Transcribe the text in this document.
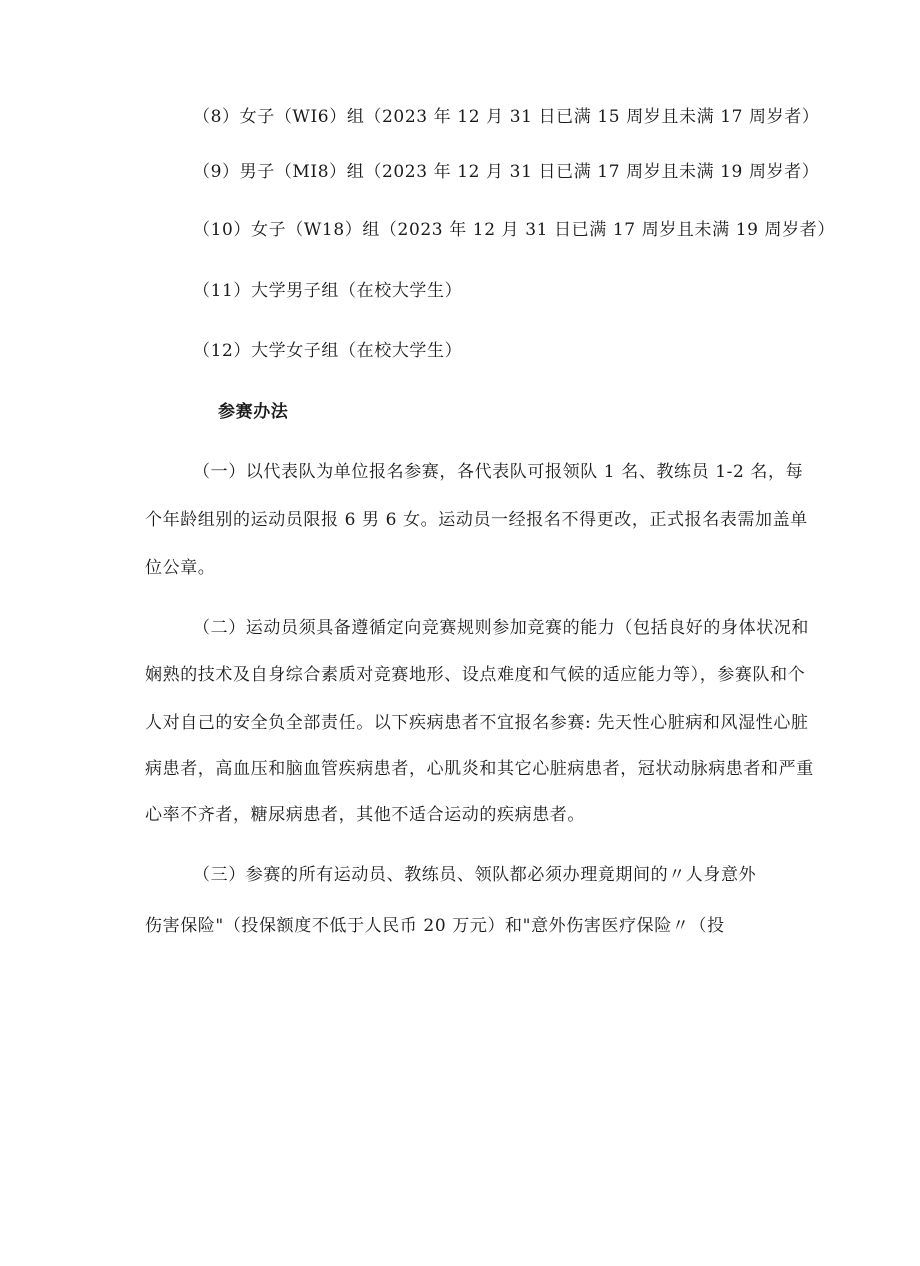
（8）女子（WI6）组（2023 年 12 月 31 日已满 15 周岁且未满 17 周岁者）

（9）男子（MI8）组（2023 年 12 月 31 日已满 17 周岁且未满 19 周岁者）

（10）女子（W18）组（2023 年 12 月 31 日已满 17 周岁且未满 19 周岁者）

（11）大学男子组（在校大学生）

（12）大学女子组（在校大学生）

参赛办法

（一）以代表队为单位报名参赛，各代表队可报领队 1 名、教练员 1-2 名，每

个年龄组别的运动员限报 6 男 6 女。运动员一经报名不得更改，正式报名表需加盖单

位公章。

（二）运动员须具备遵循定向竞赛规则参加竞赛的能力（包括良好的身体状况和

娴熟的技术及自身综合素质对竞赛地形、设点难度和气候的适应能力等），参赛队和个

人对自己的安全负全部责任。以下疾病患者不宜报名参赛: 先天性心脏病和风湿性心脏

病患者，高血压和脑血管疾病患者，心肌炎和其它心脏病患者，冠状动脉病患者和严重

心率不齐者，糖尿病患者，其他不适合运动的疾病患者。

（三）参赛的所有运动员、教练员、领队都必须办理竟期间的〃人身意外

伤害保险"（投保额度不低于人民币 20 万元）和"意外伤害医疗保险〃（投
